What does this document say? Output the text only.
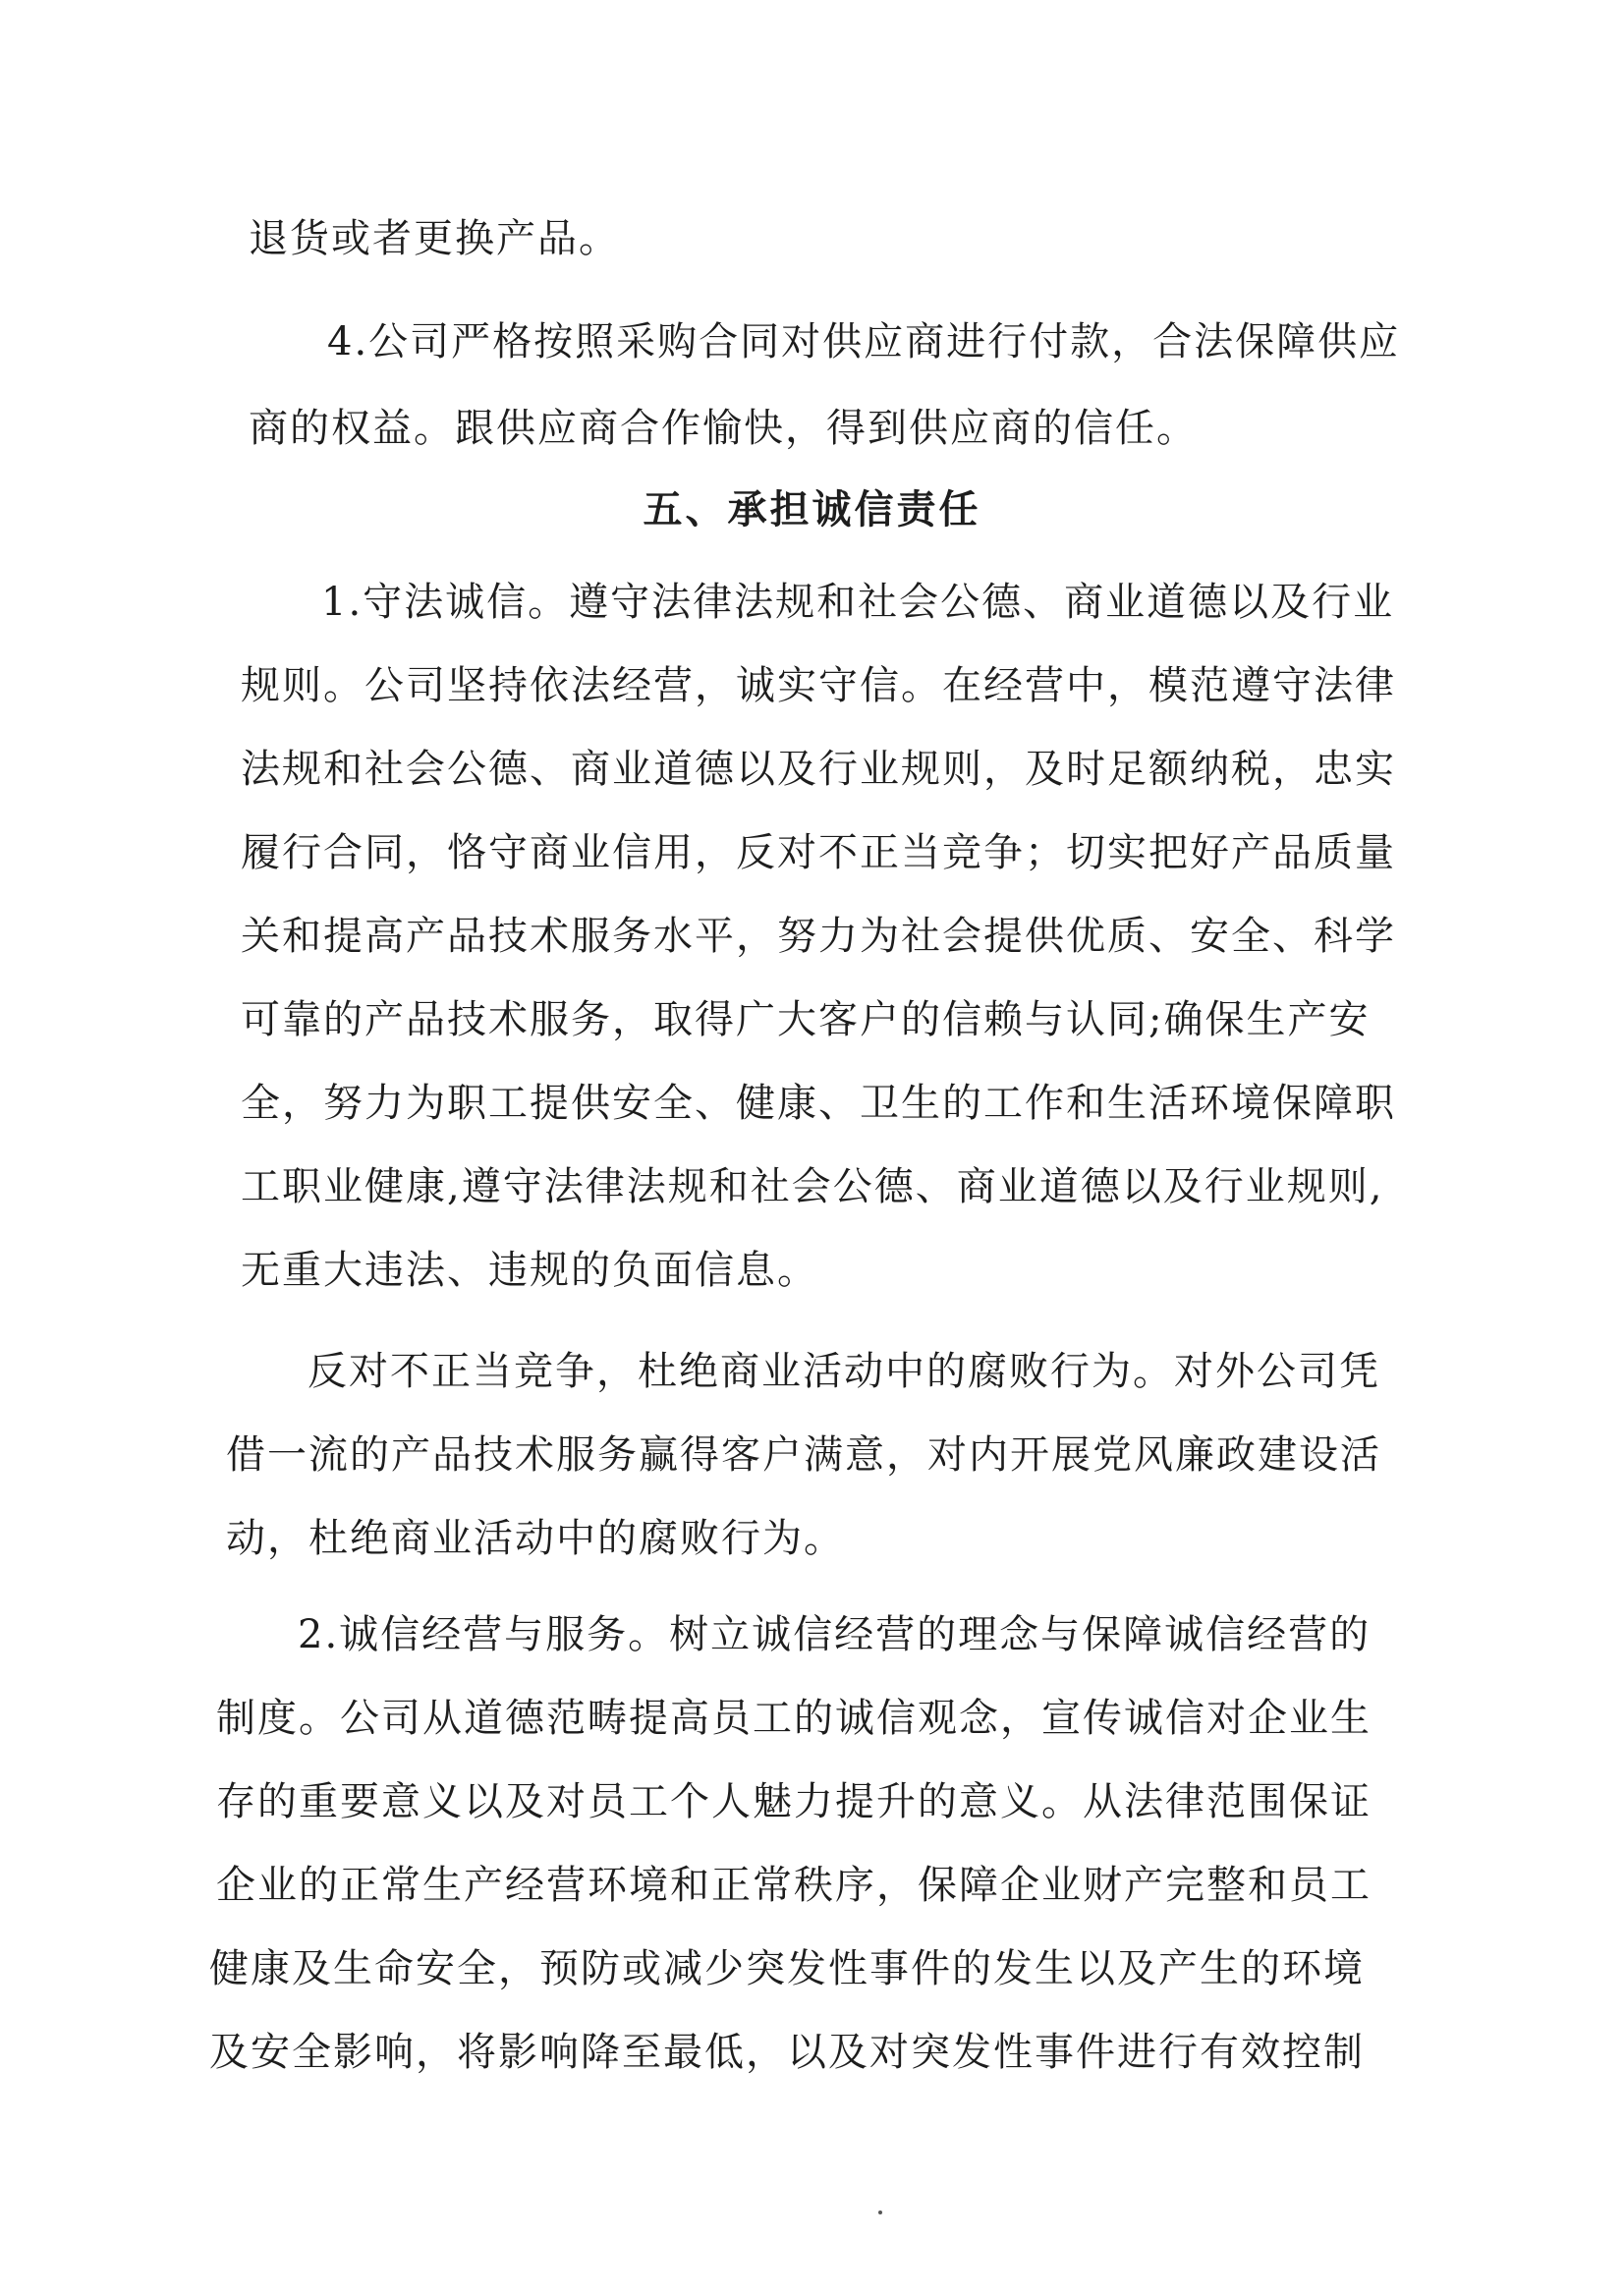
退货或者更换产品。

4.公司严格按照采购合同对供应商进行付款，合法保障供应

商的权益。跟供应商合作愉快，得到供应商的信任。

五、承担诚信责任

1.守法诚信。遵守法律法规和社会公德、商业道德以及行业

规则。公司坚持依法经营，诚实守信。在经营中，模范遵守法律

法规和社会公德、商业道德以及行业规则，及时足额纳税，忠实

履行合同，恪守商业信用，反对不正当竞争；切实把好产品质量

关和提高产品技术服务水平，努力为社会提供优质、安全、科学

可靠的产品技术服务，取得广大客户的信赖与认同;确保生产安

全，努力为职工提供安全、健康、卫生的工作和生活环境保障职

工职业健康,遵守法律法规和社会公德、商业道德以及行业规则,

无重大违法、违规的负面信息。

反对不正当竞争，杜绝商业活动中的腐败行为。对外公司凭

借一流的产品技术服务赢得客户满意，对内开展党风廉政建设活

动，杜绝商业活动中的腐败行为。

2.诚信经营与服务。树立诚信经营的理念与保障诚信经营的

制度。公司从道德范畴提高员工的诚信观念，宣传诚信对企业生

存的重要意义以及对员工个人魅力提升的意义。从法律范围保证

企业的正常生产经营环境和正常秩序，保障企业财产完整和员工

健康及生命安全，预防或减少突发性事件的发生以及产生的环境

及安全影响，将影响降至最低，以及对突发性事件进行有效控制
